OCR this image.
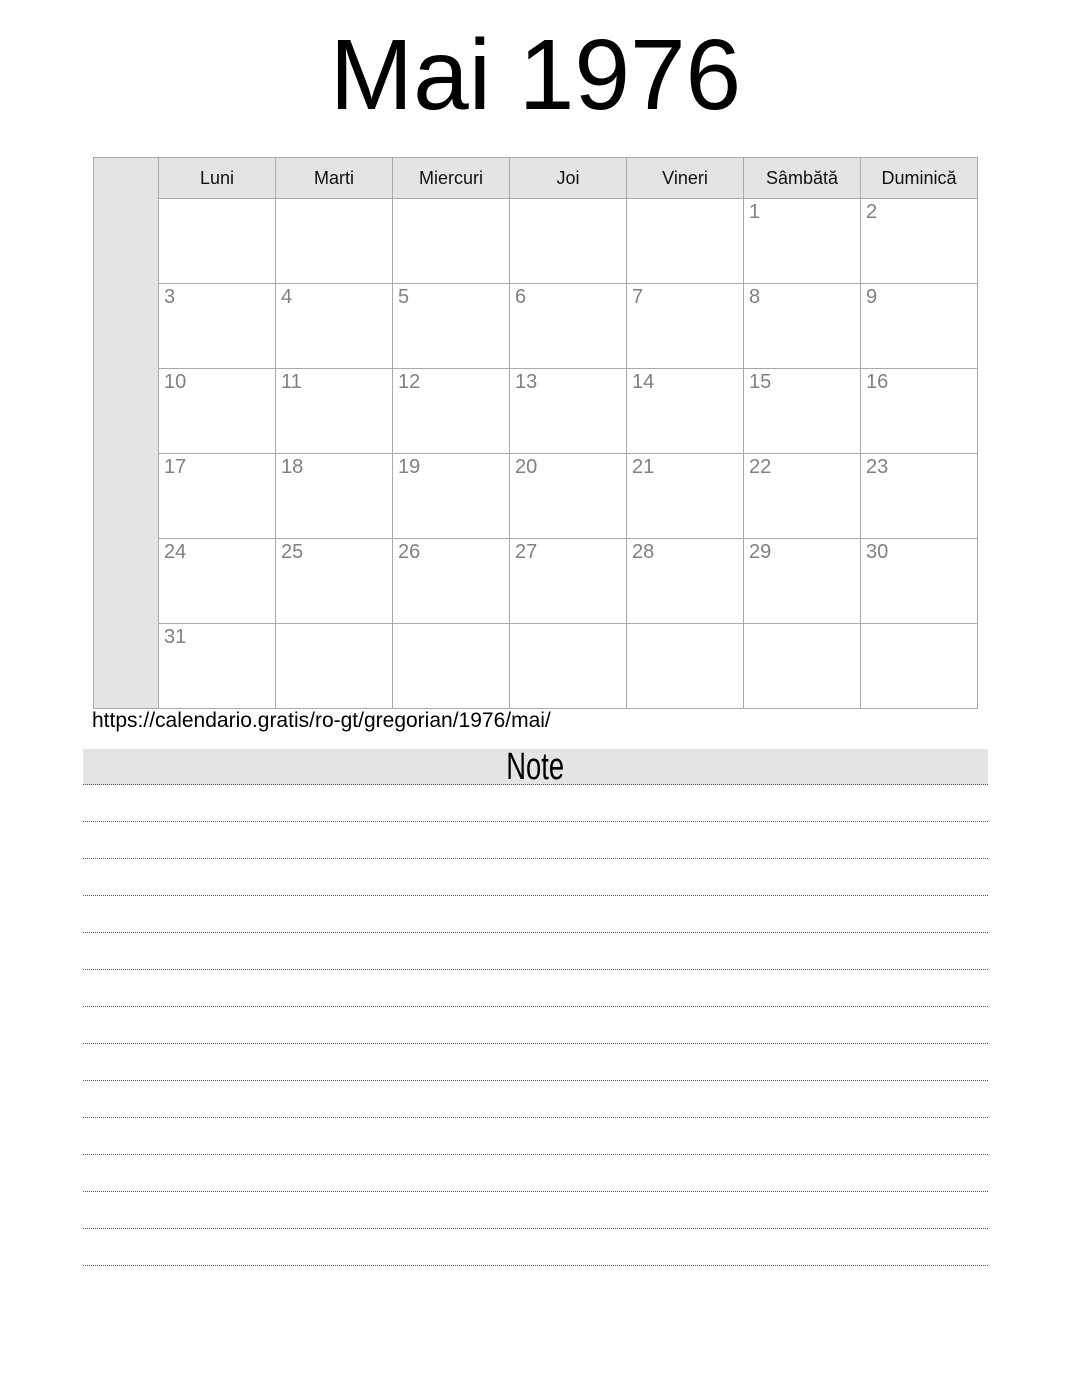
Mai 1976
	Luni	Marti	Miercuri	Joi	Vineri	Sâmbătă	Duminică
						1	2
	3	4	5	6	7	8	9
	10	11	12	13	14	15	16
	17	18	19	20	21	22	23
	24	25	26	27	28	29	30
	31						
https://calendario.gratis/ro-gt/gregorian/1976/mai/
Note
